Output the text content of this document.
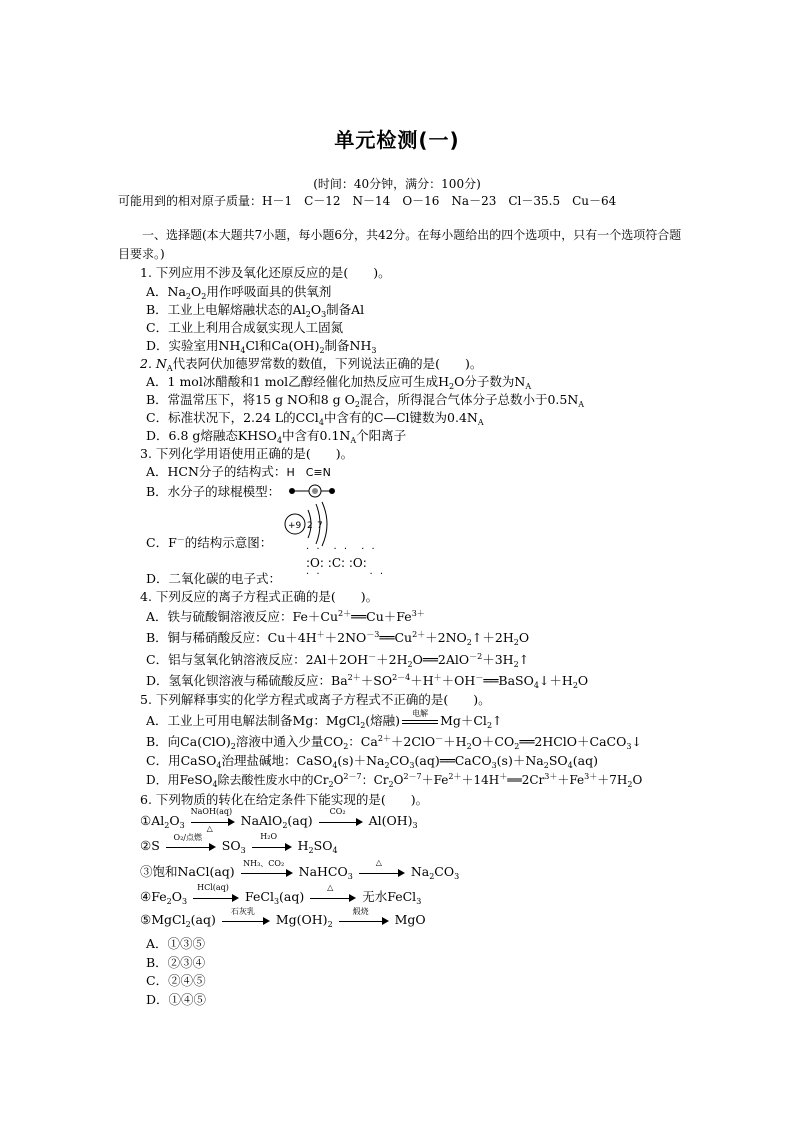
单元检测(一)
(时间：40分钟，满分：100分)
可能用到的相对原子质量：H－1　C－12　N－14　O－16　Na－23　Cl－35.5　Cu－64
一、选择题(本大题共7小题，每小题6分，共42分。在每小题给出的四个选项中，只有一个选项符合题目要求。)
1. 下列应用不涉及氧化还原反应的是(　　)。
A．$Na_2O_2$用作呼吸面具的供氧剂
B．工业上电解熔融状态的$Al_2O_3$制备Al
C．工业上利用合成氨实现人工固氮
D．实验室用$NH_4Cl$和$Ca(OH)_2$制备$NH_3$
2. $N_A$代表阿伏加德罗常数的数值，下列说法正确的是(　　)。
A．1 mol冰醋酸和1 mol乙醇经催化加热反应可生成$H_2O$分子数为$N_A$
B．常温常压下，将15 g NO和8 g $O_2$混合，所得混合气体分子总数小于$0.5N_A$
C．标准状况下，2.24 L的CCl$_4$中含有的C—Cl键数为$0.4N_A$
D．6.8 g熔融态$KHSO_4$中含有$0.1N_A$个阳离子
3. 下列化学用语使用正确的是(　　)。
A．HCN分子的结构式：H　C≡N
B．水分子的球棍模型：
+9 2 7
C．F－的结构示意图：	· ·　 · ·　 · ·
D．二氧化碳的电子式：
:O: :C: :O:
· ·　　　　	· ·
4. 下列反应的离子方程式正确的是(　　)。
A．铁与硫酸铜溶液反应：$Fe+Cu^{2+}══Cu+Fe^{3+}$
B．铜与稀硝酸反应：$Cu+4H^++2NO^{-3}══Cu^{2+}+2NO_2↑+2H_2O$
C．铝与氢氧化钠溶液反应：$2Al+2OH^-+2H_2O══2AlO^{-2}+3H_2↑$
D．氢氧化钡溶液与稀硫酸反应：$Ba^{2+}+SO^{2-4}+H^++OH^-══BaSO_4↓+H_2O$
5. 下列解释事实的化学方程式或离子方程式不正确的是(　　)。
A．工业上可用电解法制备Mg：MgCl$_2$(熔融)	电解 $Mg+Cl_2↑$
B．向$Ca(ClO)_2$溶液中通入少量$CO_2$：$Ca^{2+}+2ClO^-+H_2O+CO_2══2HClO+CaCO_3↓$
C．用CaSO$_4$治理盐碱地：$CaSO_4(s)+Na_2CO_3(aq)══CaCO_3(s)+Na_2SO_4(aq)$
D．用FeSO$_4$除去酸性废水中的$Cr_2O^{2-7}$：$Cr_2O^{2-7}+Fe^{2+}+14H^+══2Cr^{3+}+Fe^{3+}+7H_2O$
6. 下列物质的转化在给定条件下能实现的是(　　)。
$①Al_2O_3$
NaOH(aq)
△	NaAlO$_2$(aq)
CO₂
$Al(OH)_3$
②S
O₂/点燃
$SO_3$
H₂O
$H_2SO_4$
③饱和NaCl(aq)
NH₃、CO₂
NaHCO$_3$
△
$Na_2CO_3$
$④Fe_2O_3$
HCl(aq)
FeCl$_3$(aq)
△
无水FeCl$_3$
⑤MgCl$_2$(aq)
石灰乳
$Mg(OH)_2$
煅烧
MgO
A．①③⑤
B．②③④
C．②④⑤
D．①④⑤
